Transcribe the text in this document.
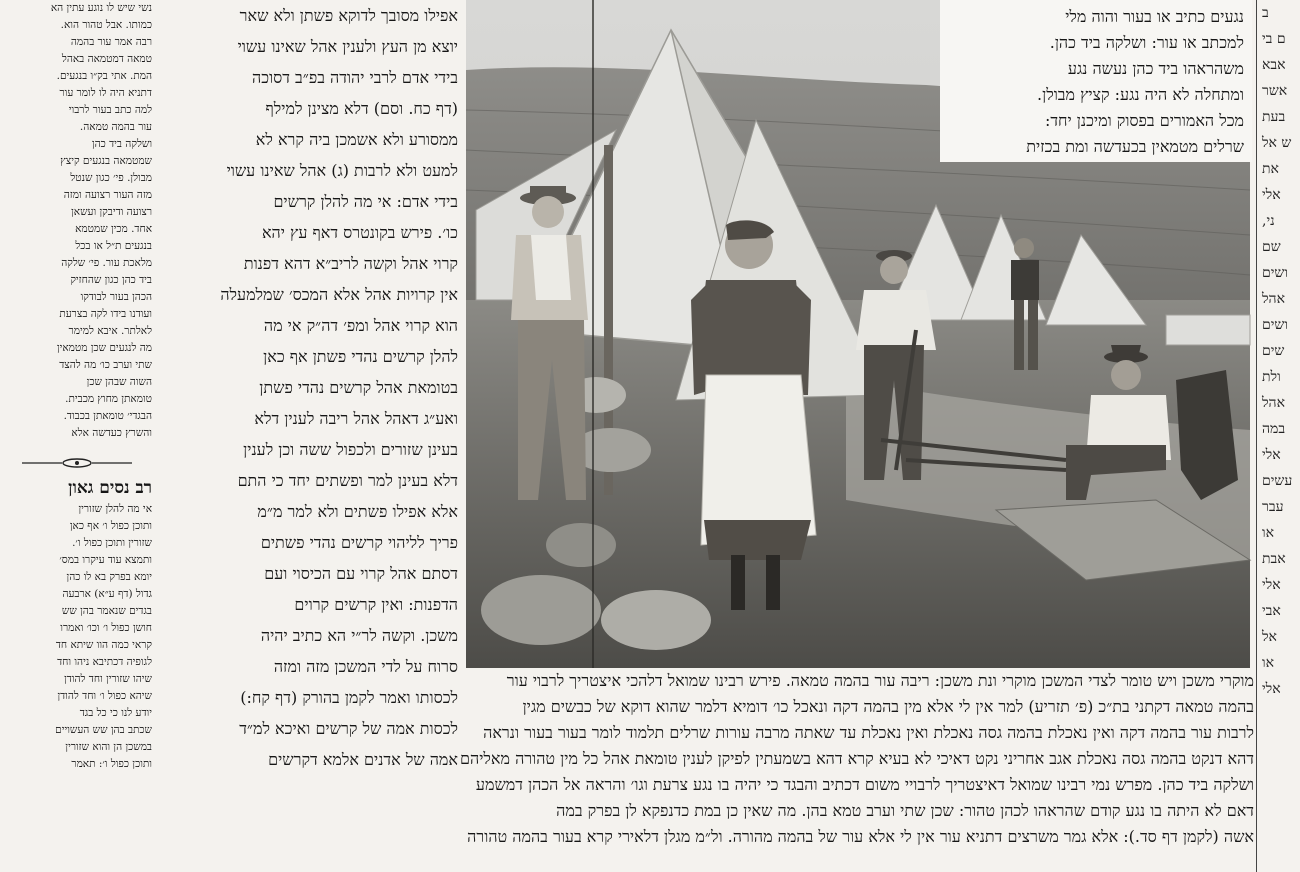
נשי שיש לו נוגע עתין הא

כמותו. אבל טהור הוא.

רבה אמר עור בהמה

טמאה דמטמאה באהל

המת. אתי בק״ו בנגעים.

דתניא היה לו לומר עור

למה כתב בעור לרבוי

עור בהמה טמאה.

ושלקה ביד כהן

שמטמאה בנגעים קיצץ

מבולן. פי׳ כגון שנטל

מזה העור רצועה ומזה

רצועה ודיבקן ועשאן

אחד. מכין שמטמא

בנגעים ת״ל או בכל

מלאכת עור. פי׳ שלקה

ביד כהן כגון שהחזיק

הכהן בעור לבודקו

ועודנו בידו לקה בצרעת

לאלתר. איבא למימר

מה לנגעים שכן מטמאין

שתי וערב כו׳ מה להצד

השוה שבהן שכן

טומאתן מחוץ מכבית.

הבגדי׳ טומאתן בכבוד.

והשרץ כעדשה אלא

רב נסים גאון

אי מה להלן שזורין

ותוכן כפול ו׳ אף כאן

שזורין ותוכן כפול ו׳.

ותמצא עוד עיקרו במס׳

יומא בפרק בא לו כהן

גדול (דף ע״א) ארבעה

בגדים שנאמר בהן שש

חושן כפול ו׳ וכו׳ ואמרו

קראי כמה הוו שיתא חד

לגופיה דכתיבא ניהו וחד

שיהו שזורין וחד להודן

שיהא כפול ו׳ וחד להודן

יודע לנו כי כל בגד

שכתב בהן שש העשויים

במשכן הן והוא שזורין

ותוכן כפול ו׳: תאמר

אפילו מסובך לדוקא פשתן ולא שאר

יוצא מן העץ ולענין אהל שאינו עשוי

בידי אדם לרבי יהודה בפ״ב דסוכה

(דף כח. וסם) דלא מצינן למילף

ממסורע ולא אשמכן ביה קרא לא

למעט ולא לרבות (ג) אהל שאינו עשוי

בידי אדם: אי מה להלן קרשים

כו׳. פירש בקונטרס דאף עץ יהא

קרוי אהל וקשה לריב״א דהא דפנות

אין קרויות אהל אלא המכס׳ שמלמעלה

הוא קרוי אהל ומפ׳ דה״ק אי מה

להלן קרשים נהדי פשתן אף כאן

בטומאת אהל קרשים נהדי פשתן

ואע״ג דאהל אהל ריבה לענין דלא

בעינן שזורים ולכפול ששה וכן לענין

דלא בעינן למר ופשתים יחד כי התם

אלא אפילו פשתים ולא למר מ״מ

פריך לליהוי קרשים נהדי פשתים

דסתם אהל קרוי עם הכיסוי ועם

הדפנות: ואין קרשים קרוים

משכן. וקשה לר״י הא כתיב יהיה

סרוח על לדי המשכן מזה ומזה

לכסותו ואמר לקמן בהורק (דף קח:)

לכסות אמה של קרשים ואיכא למ״ד

אמה של אדנים אלמא דקרשים

נגעים כתיב או בעור והוה מלי

למכתב או עור: ושלקה ביד כהן.

משהראהו ביד כהן נעשה נגע

ומתחלה לא היה נגע: קציץ מבולן.

מכל האמורים בפסוק ומיכנן יחד:

שרלים מטמאין בכעדשה ומת בכזית

מוקרי משכן ויש טומר לצדי המשכן מוקרי ונת משכן: ריבה עור בהמה טמאה. פירש רבינו שמואל דלהכי איצטריך לרבוי עור

בהמה טמאה דקתני בת״כ (פ׳ תזריע) למר אין לי אלא מין בהמה דקה ונאכל כו׳ דומיא דלמר שהוא דוקא של כבשים מגין

לרבות עור בהמה דקה ואין נאכלת בהמה גסה נאכלת ואין נאכלת עד שאתה מרבה עורות שרלים תלמוד לומר בעור בעור ונראה

דהא דנקט בהמה גסה נאכלת אגב אחריני נקט דאיכי לא בעיא קרא דהא בשמעתין לפיקן לענין טומאת אהל כל מין טהורה מאליהם

ושלקה ביד כהן. מפרש נמי רבינו שמואל דאיצטריך לרבויי משום דכתיב והבגד כי יהיה בו נגע צרעת וגו׳ והראה אל הכהן דמשמע

דאם לא היתה בו נגע קודם שהראהו לכהן טהור: שכן שתי וערב טמא בהן. מה שאין כן במת כדנפקא לן בפרק במה

אשה (לקמן דף סד.): אלא גמר משרצים דתניא עור אין לי אלא עור של בהמה מהורה. ול״מ מגלן דלאירי קרא בעור בהמה טהורה

ב
ם בי
אבא
אשר
בעת
ש אל
את
אלי
ני,
שם
ושים
אהל
ושים
שים
ולת
אהל
במה
אלי
עשים
עבר
או
אבת
אלי
אבי
אל
או
אלי
